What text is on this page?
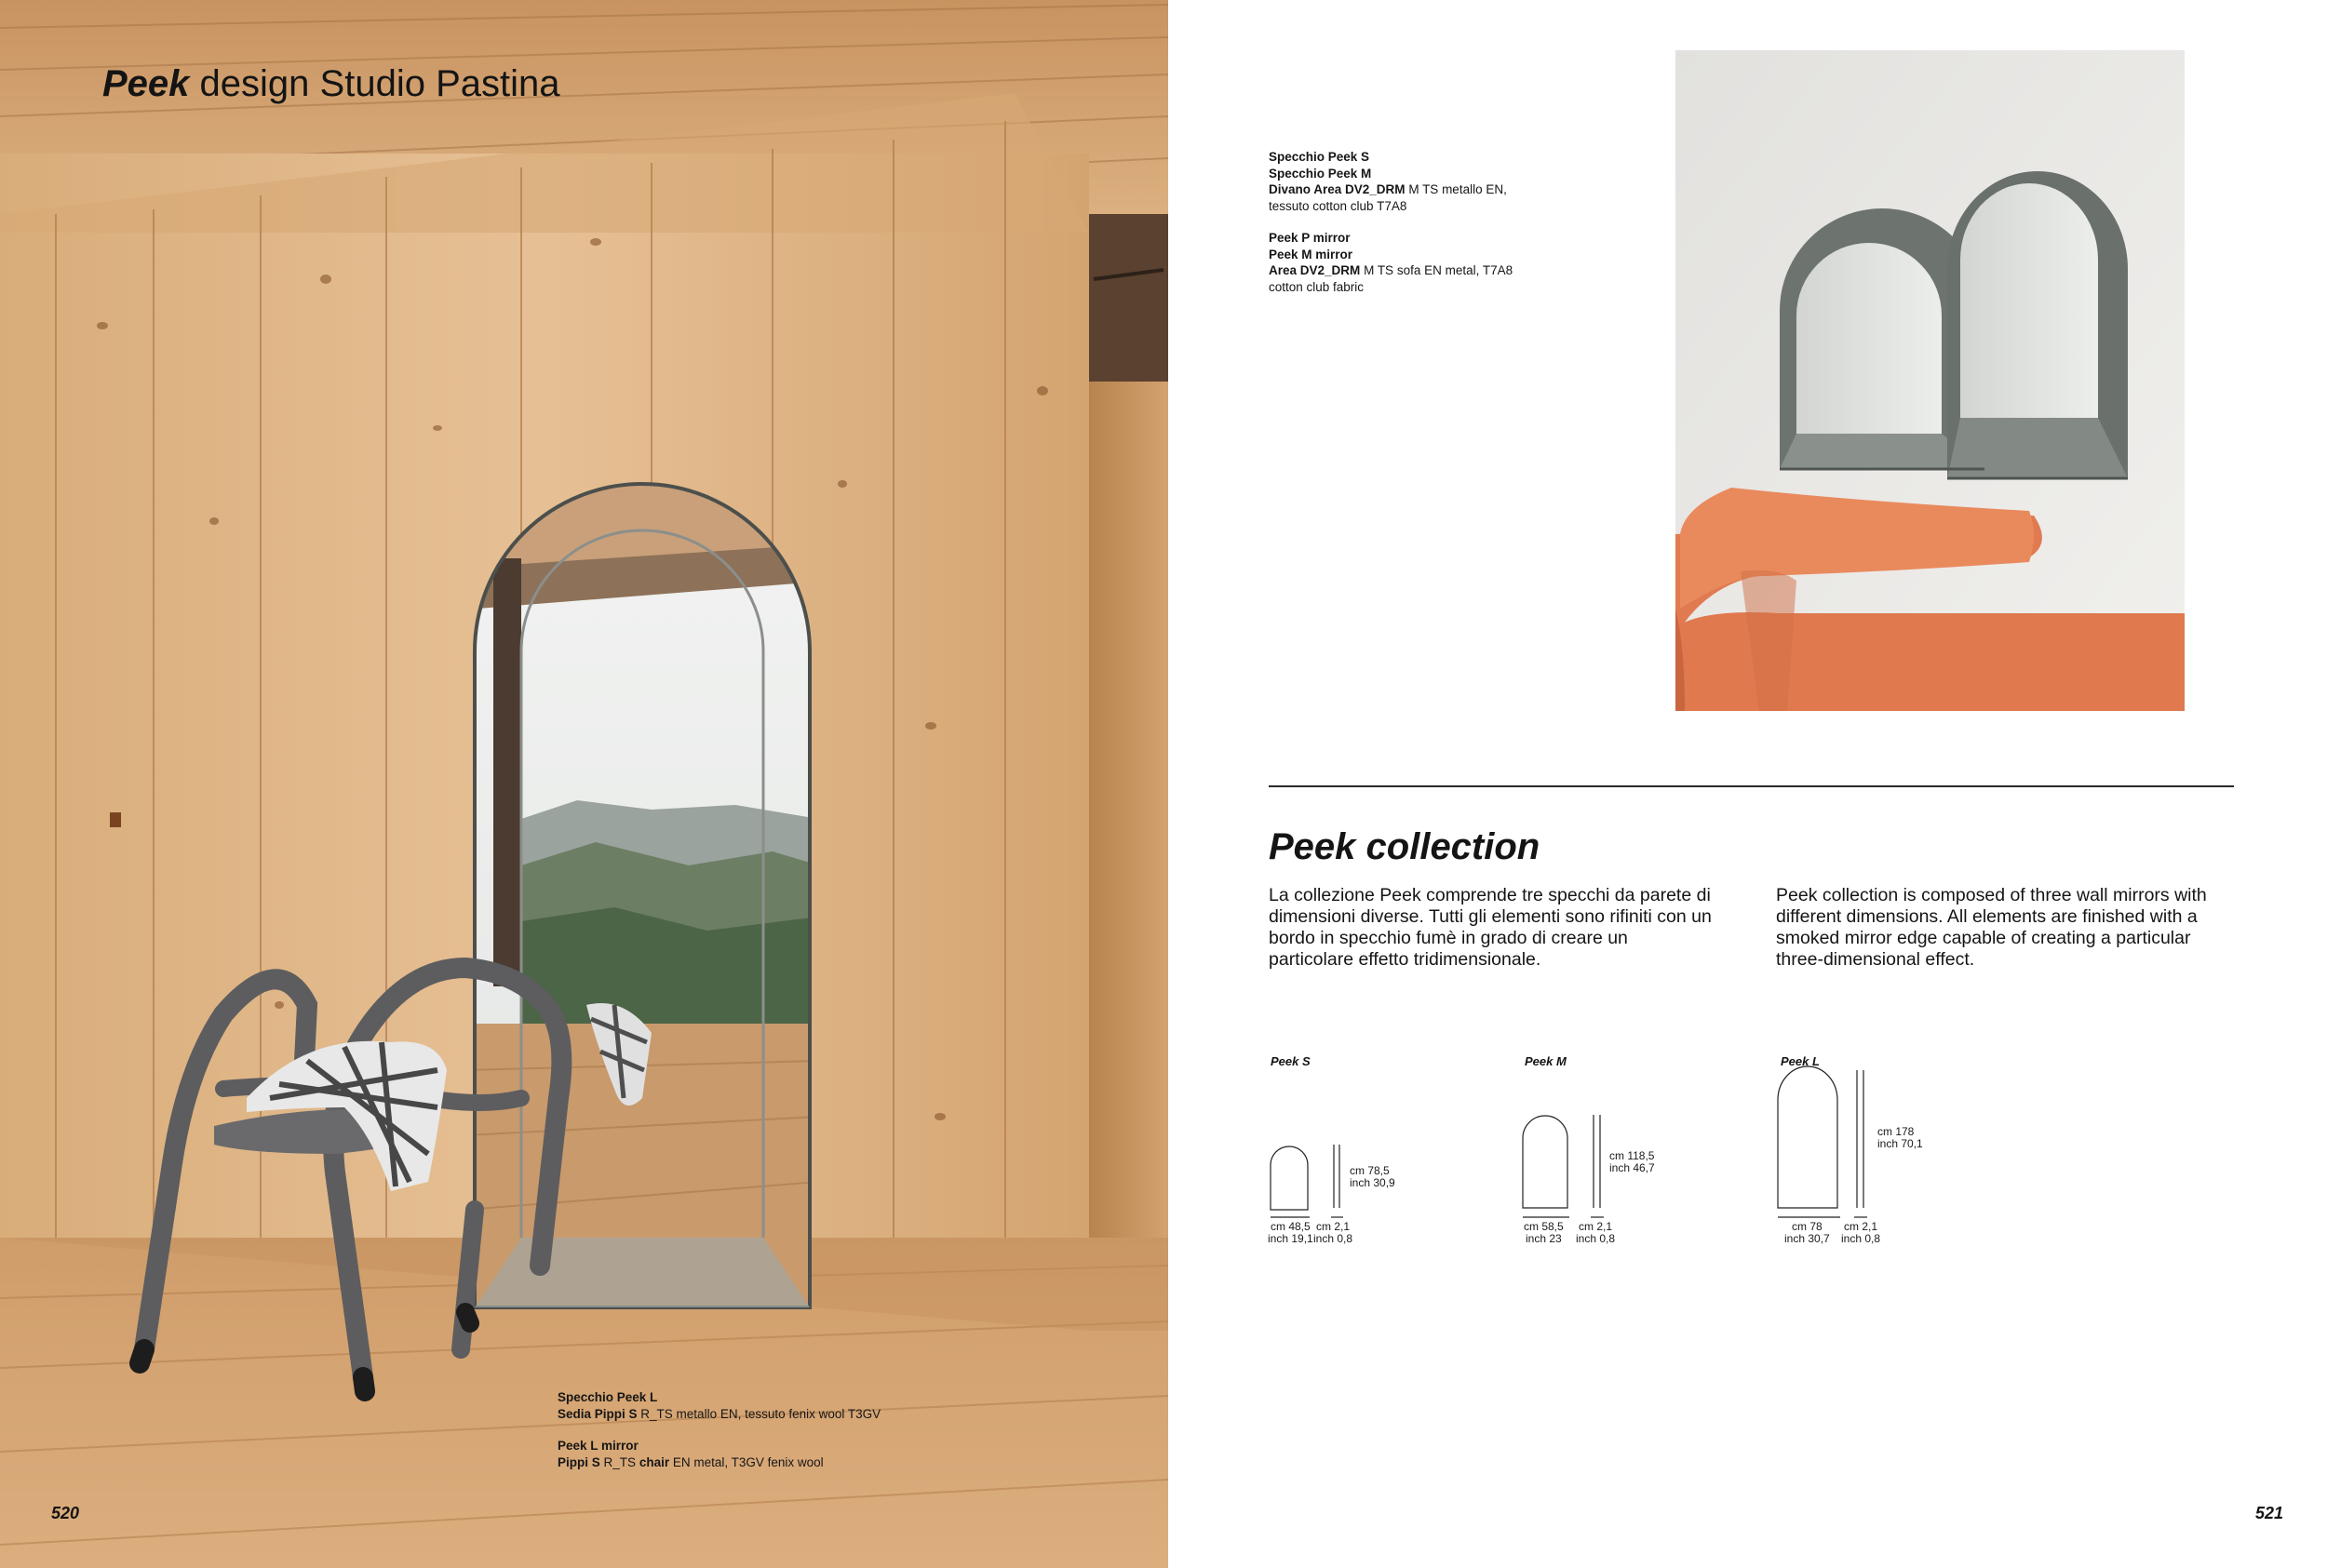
Peek design Studio Pastina
Specchio Peek L
Sedia Pippi S R_TS metallo EN, tessuto fenix wool T3GV
Peek L mirror
Pippi S R_TS chair EN metal, T3GV fenix wool
520
Specchio Peek S
Specchio Peek M
Divano Area DV2_DRM M TS metallo EN,
tessuto cotton club T7A8
Peek P mirror
Peek M mirror
Area DV2_DRM M TS sofa EN metal, T7A8
cotton club fabric
Peek collection
La collezione Peek comprende tre specchi da parete di dimensioni diverse. Tutti gli elementi sono rifiniti con un bordo in specchio fumè in grado di creare un particolare effetto tridimensionale.
Peek collection is composed of three wall mirrors with different dimensions. All elements are finished with a smoked mirror edge capable of creating a particular three-dimensional effect.
Peek S
cm 78,5
inch 30,9
cm 48,5
inch 19,1
cm 2,1
inch 0,8
Peek M
cm 118,5
inch 46,7
cm 58,5
inch 23
cm 2,1
inch 0,8
Peek L
cm 178
inch 70,1
cm 78
inch 30,7
cm 2,1
inch 0,8
521
